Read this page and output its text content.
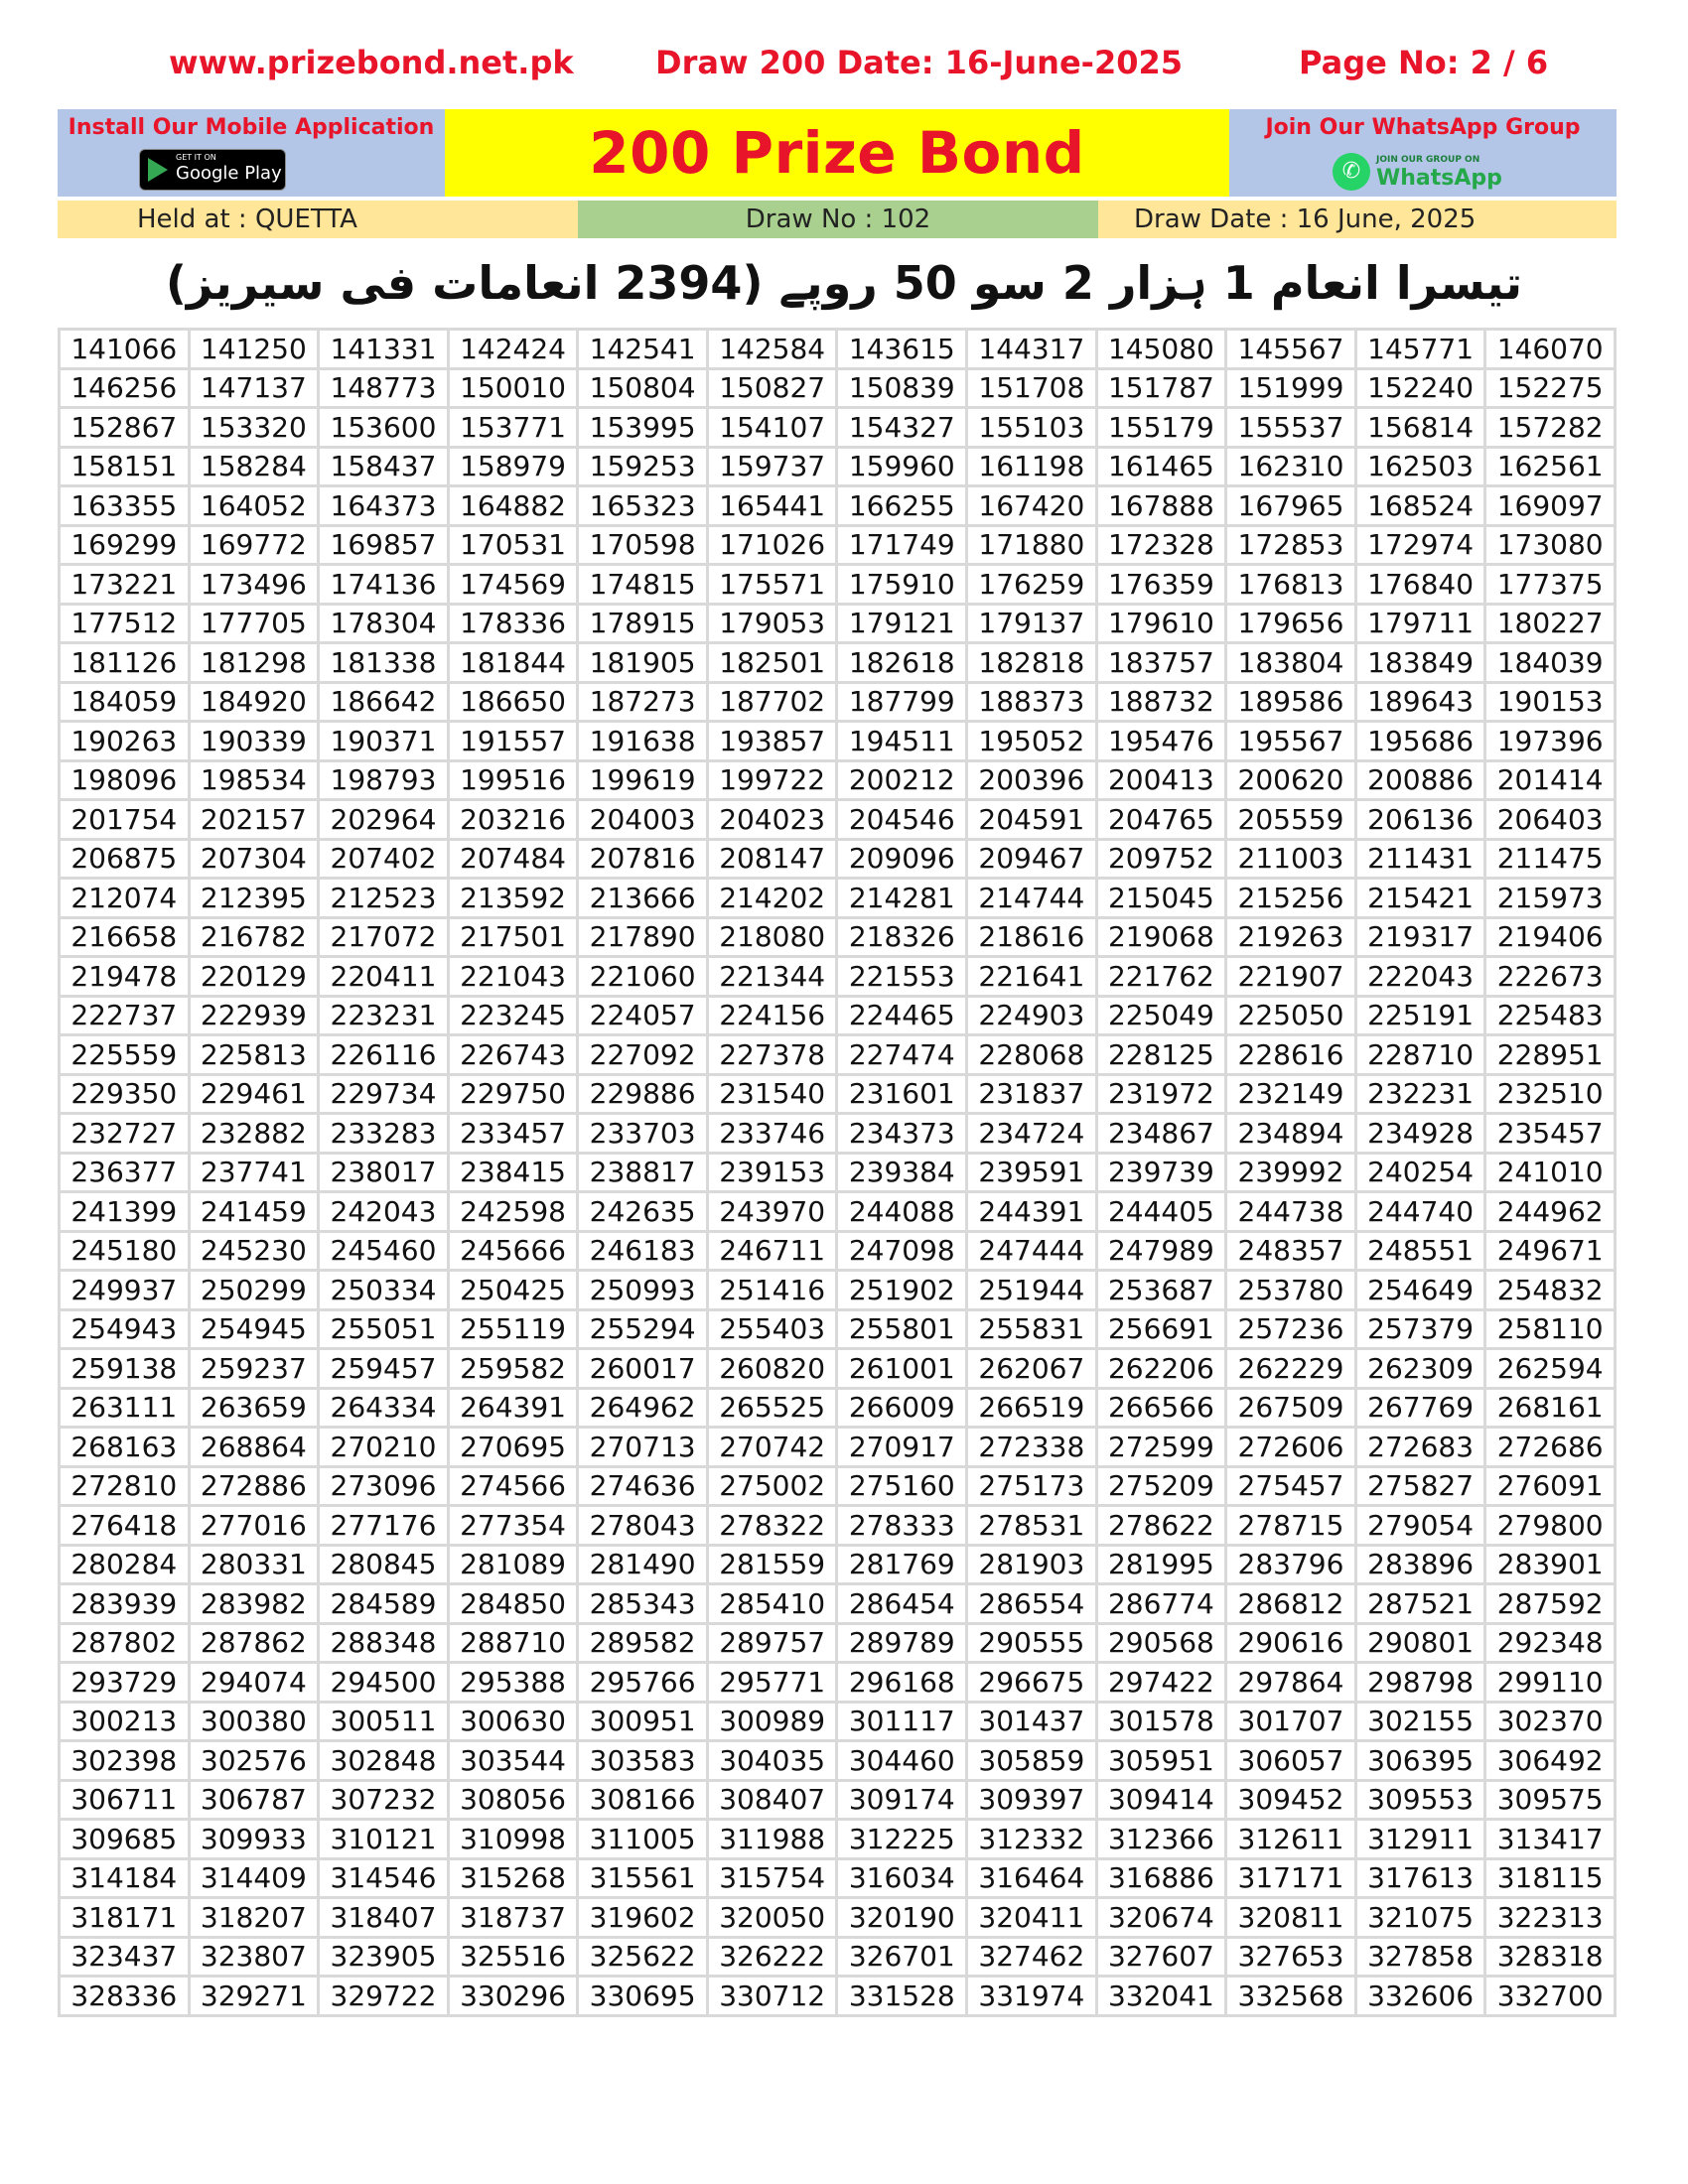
www.prizebond.net.pk	Draw 200 Date: 16-June-2025	Page No: 2 / 6
Install Our Mobile Application
GET IT ON
Google Play	200 Prize Bond	Join Our WhatsApp Group
✆	JOIN OUR GROUP ON
WhatsApp
Held at : QUETTA	Draw No : 102	Draw Date : 16 June, 2025
تیسرا انعام 1 ہزار 2 سو 50 روپے (2394 انعامات فی سیریز)
141066	141250	141331	142424	142541	142584	143615	144317	145080	145567	145771	146070
146256	147137	148773	150010	150804	150827	150839	151708	151787	151999	152240	152275
152867	153320	153600	153771	153995	154107	154327	155103	155179	155537	156814	157282
158151	158284	158437	158979	159253	159737	159960	161198	161465	162310	162503	162561
163355	164052	164373	164882	165323	165441	166255	167420	167888	167965	168524	169097
169299	169772	169857	170531	170598	171026	171749	171880	172328	172853	172974	173080
173221	173496	174136	174569	174815	175571	175910	176259	176359	176813	176840	177375
177512	177705	178304	178336	178915	179053	179121	179137	179610	179656	179711	180227
181126	181298	181338	181844	181905	182501	182618	182818	183757	183804	183849	184039
184059	184920	186642	186650	187273	187702	187799	188373	188732	189586	189643	190153
190263	190339	190371	191557	191638	193857	194511	195052	195476	195567	195686	197396
198096	198534	198793	199516	199619	199722	200212	200396	200413	200620	200886	201414
201754	202157	202964	203216	204003	204023	204546	204591	204765	205559	206136	206403
206875	207304	207402	207484	207816	208147	209096	209467	209752	211003	211431	211475
212074	212395	212523	213592	213666	214202	214281	214744	215045	215256	215421	215973
216658	216782	217072	217501	217890	218080	218326	218616	219068	219263	219317	219406
219478	220129	220411	221043	221060	221344	221553	221641	221762	221907	222043	222673
222737	222939	223231	223245	224057	224156	224465	224903	225049	225050	225191	225483
225559	225813	226116	226743	227092	227378	227474	228068	228125	228616	228710	228951
229350	229461	229734	229750	229886	231540	231601	231837	231972	232149	232231	232510
232727	232882	233283	233457	233703	233746	234373	234724	234867	234894	234928	235457
236377	237741	238017	238415	238817	239153	239384	239591	239739	239992	240254	241010
241399	241459	242043	242598	242635	243970	244088	244391	244405	244738	244740	244962
245180	245230	245460	245666	246183	246711	247098	247444	247989	248357	248551	249671
249937	250299	250334	250425	250993	251416	251902	251944	253687	253780	254649	254832
254943	254945	255051	255119	255294	255403	255801	255831	256691	257236	257379	258110
259138	259237	259457	259582	260017	260820	261001	262067	262206	262229	262309	262594
263111	263659	264334	264391	264962	265525	266009	266519	266566	267509	267769	268161
268163	268864	270210	270695	270713	270742	270917	272338	272599	272606	272683	272686
272810	272886	273096	274566	274636	275002	275160	275173	275209	275457	275827	276091
276418	277016	277176	277354	278043	278322	278333	278531	278622	278715	279054	279800
280284	280331	280845	281089	281490	281559	281769	281903	281995	283796	283896	283901
283939	283982	284589	284850	285343	285410	286454	286554	286774	286812	287521	287592
287802	287862	288348	288710	289582	289757	289789	290555	290568	290616	290801	292348
293729	294074	294500	295388	295766	295771	296168	296675	297422	297864	298798	299110
300213	300380	300511	300630	300951	300989	301117	301437	301578	301707	302155	302370
302398	302576	302848	303544	303583	304035	304460	305859	305951	306057	306395	306492
306711	306787	307232	308056	308166	308407	309174	309397	309414	309452	309553	309575
309685	309933	310121	310998	311005	311988	312225	312332	312366	312611	312911	313417
314184	314409	314546	315268	315561	315754	316034	316464	316886	317171	317613	318115
318171	318207	318407	318737	319602	320050	320190	320411	320674	320811	321075	322313
323437	323807	323905	325516	325622	326222	326701	327462	327607	327653	327858	328318
328336	329271	329722	330296	330695	330712	331528	331974	332041	332568	332606	332700
